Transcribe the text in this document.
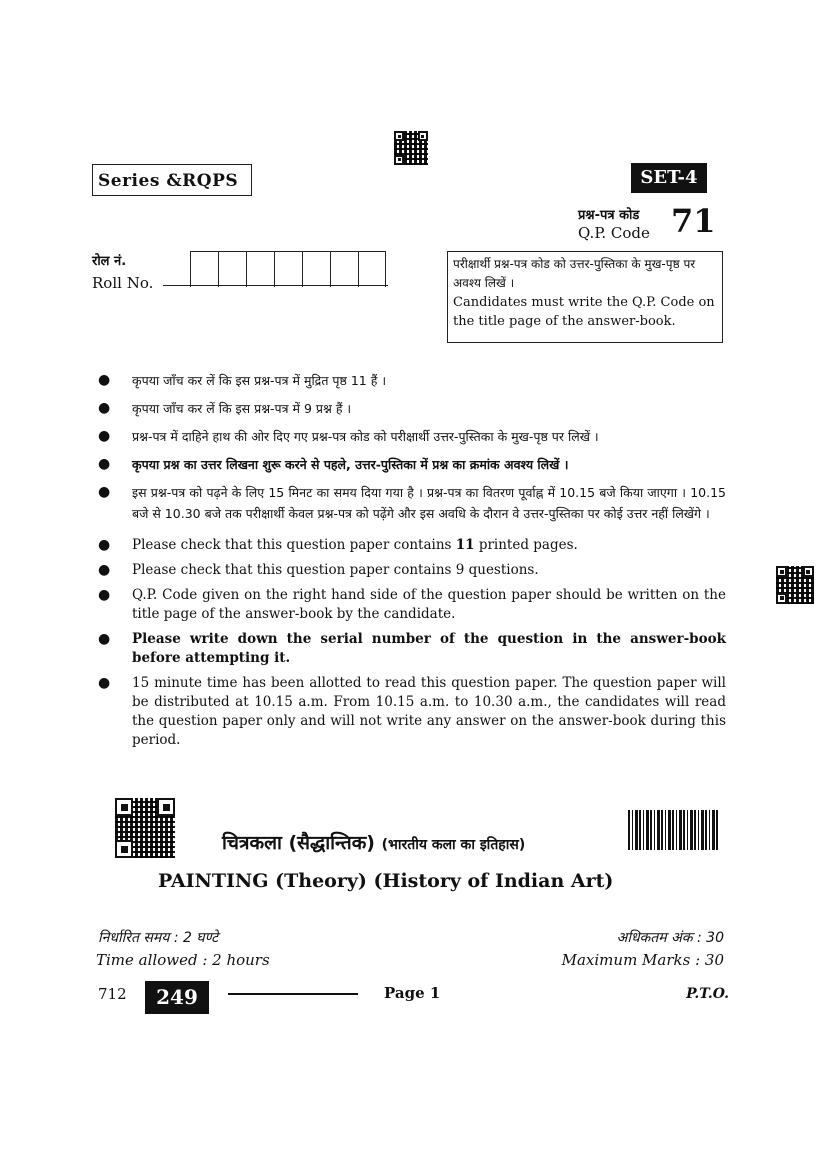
Series &RQPS	SET-4
प्रश्न-पत्र कोड
Q.P. Code 71
रोल नं.
Roll No.
परीक्षार्थी प्रश्न-पत्र कोड को उत्तर-पुस्तिका के मुख-पृष्ठ पर अवश्य लिखें ।
Candidates must write the Q.P. Code on the title page of the answer-book.
● कृपया जाँच कर लें कि इस प्रश्न-पत्र में मुद्रित पृष्ठ 11 हैं ।
● कृपया जाँच कर लें कि इस प्रश्न-पत्र में 9 प्रश्न हैं ।
● प्रश्न-पत्र में दाहिने हाथ की ओर दिए गए प्रश्न-पत्र कोड को परीक्षार्थी उत्तर-पुस्तिका के मुख-पृष्ठ पर लिखें ।
● कृपया प्रश्न का उत्तर लिखना शुरू करने से पहले, उत्तर-पुस्तिका में प्रश्न का क्रमांक अवश्य लिखें ।
● इस प्रश्न-पत्र को पढ़ने के लिए 15 मिनट का समय दिया गया है । प्रश्न-पत्र का वितरण पूर्वाह्न में 10.15 बजे किया जाएगा । 10.15 बजे से 10.30 बजे तक परीक्षार्थी केवल प्रश्न-पत्र को पढ़ेंगे और इस अवधि के दौरान वे उत्तर-पुस्तिका पर कोई उत्तर नहीं लिखेंगे ।
● Please check that this question paper contains 11 printed pages.
● Please check that this question paper contains 9 questions.
● Q.P. Code given on the right hand side of the question paper should be written on the title page of the answer-book by the candidate.
● Please write down the serial number of the question in the answer-book before attempting it.
● 15 minute time has been allotted to read this question paper. The question paper will be distributed at 10.15 a.m. From 10.15 a.m. to 10.30 a.m., the candidates will read the question paper only and will not write any answer on the answer-book during this period.
चित्रकला (सैद्धान्तिक) (भारतीय कला का इतिहास)
PAINTING (Theory) (History of Indian Art)
निर्धारित समय : 2 घण्टे
Time allowed : 2 hours
अधिकतम अंक : 30
Maximum Marks : 30
712	249	Page 1	P.T.O.
